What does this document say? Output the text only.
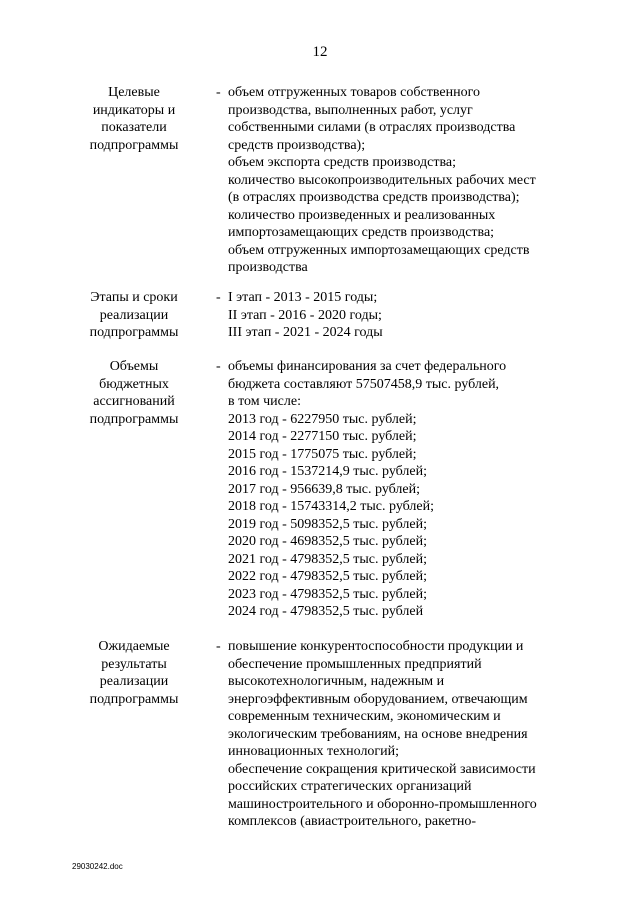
12
Целевые
индикаторы и
показатели
подпрограммы
- объем отгруженных товаров собственного
производства, выполненных работ, услуг
собственными силами (в отраслях производства
средств производства);
объем экспорта средств производства;
количество высокопроизводительных рабочих мест
(в отраслях производства средств производства);
количество произведенных и реализованных
импортозамещающих средств производства;
объем отгруженных импортозамещающих средств
производства
Этапы и сроки
реализации
подпрограммы
- I этап - 2013 - 2015 годы;
II этап - 2016 - 2020 годы;
III этап - 2021 - 2024 годы
Объемы
бюджетных
ассигнований
подпрограммы
- объемы финансирования за счет федерального
бюджета составляют 57507458,9 тыс. рублей,
в том числе:
2013 год - 6227950 тыс. рублей;
2014 год - 2277150 тыс. рублей;
2015 год - 1775075 тыс. рублей;
2016 год - 1537214,9 тыс. рублей;
2017 год - 956639,8 тыс. рублей;
2018 год - 15743314,2 тыс. рублей;
2019 год - 5098352,5 тыс. рублей;
2020 год - 4698352,5 тыс. рублей;
2021 год - 4798352,5 тыс. рублей;
2022 год - 4798352,5 тыс. рублей;
2023 год - 4798352,5 тыс. рублей;
2024 год - 4798352,5 тыс. рублей
Ожидаемые
результаты
реализации
подпрограммы
- повышение конкурентоспособности продукции и
обеспечение промышленных предприятий
высокотехнологичным, надежным и
энергоэффективным оборудованием, отвечающим
современным техническим, экономическим и
экологическим требованиям, на основе внедрения
инновационных технологий;
обеспечение сокращения критической зависимости
российских стратегических организаций
машиностроительного и оборонно-промышленного
комплексов (авиастроительного, ракетно-
29030242.doc
